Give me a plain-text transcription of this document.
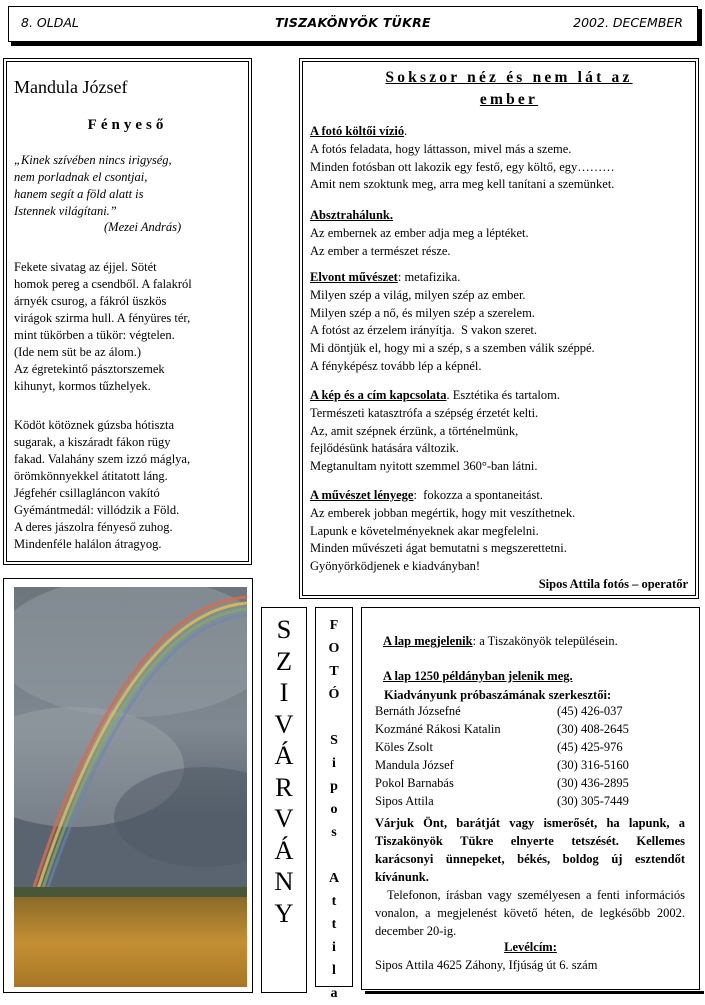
8. OLDAL	TISZAKÖNYÖK TÜKRE	2002. DECEMBER
Mandula József
Fényeső
„Kinek szívében nincs irigység,
nem porladnak el csontjai,
hanem segít a föld alatt is
Istennek világítani.”
(Mezei András)
Fekete sivatag az éjjel. Sötét
homok pereg a csendből. A falakról
árnyék csurog, a fákról üszkös
virágok szirma hull. A fényüres tér,
mint tükörben a tükör: végtelen.
(Ide nem süt be az álom.)
Az égretekintő pásztorszemek
kihunyt, kormos tűzhelyek.
Ködöt kötöznek gúzsba hótiszta
sugarak, a kiszáradt fákon rügy
fakad. Valahány szem izzó máglya,
örömkönnyekkel átitatott láng.
Jégfehér csillagláncon vakító
Gyémántmedál: villódzik a Föld.
A deres jászolra fényeső zuhog.
Mindenféle halálon átragyog.
Sokszor néz és nem lát az
ember
A fotó költői vízió.
A fotós feladata, hogy láttasson, mivel más a szeme.
Minden fotósban ott lakozik egy festő, egy költő, egy………
Amit nem szoktunk meg, arra meg kell tanítani a szemünket.
Absztrahálunk.
Az embernek az ember adja meg a léptéket.
Az ember a természet része.
Elvont művészet: metafizika.
Milyen szép a világ, milyen szép az ember.
Milyen szép a nő, és milyen szép a szerelem.
A fotóst az érzelem irányítja.  S vakon szeret.
Mi döntjük el, hogy mi a szép, s a szemben válik széppé.
A fényképész tovább lép a képnél.
A kép és a cím kapcsolata. Esztétika és tartalom.
Természeti katasztrófa a szépség érzetét kelti.
Az, amit szépnek érzünk, a történelmünk,
fejlődésünk hatására változik.
Megtanultam nyitott szemmel 360°-ban látni.
A művészet lényege:  fokozza a spontaneitást.
Az emberek jobban megértik, hogy mit veszíthetnek.
Lapunk e követelményeknek akar megfelelni.
Minden művészeti ágat bemutatni s megszerettetni.
Gyönyörködjenek e kiadványban!
Sipos Attila fotós – operatőr
S
Z
I
V
Á
R
V
Á
N
Y
F
O
T
Ó
S
i
p
o
s
A
t
t
i
l
a
A lap megjelenik: a Tiszakönyök településein.
A lap 1250 példányban jelenik meg.
Kiadványunk próbaszámának szerkesztői:
Bernáth Józsefné	(45) 426-037
Kozmáné Rákosi Katalin	(30) 408-2645
Köles Zsolt	(45) 425-976
Mandula József	(30) 316-5160
Pokol Barnabás	(30) 436-2895
Sipos Attila	(30) 305-7449
Várjuk Önt, barátját vagy ismerősét, ha lapunk, a Tiszakönyök Tükre elnyerte tetszését. Kellemes karácsonyi ünnepeket, békés, boldog új esztendőt kívánunk.
Telefonon, írásban vagy személyesen a fenti információs vonalon, a megjelenést követő héten, de legkésőbb 2002. december 20-ig.
Levélcím:
Sipos Attila 4625 Záhony, Ifjúság út 6. szám
